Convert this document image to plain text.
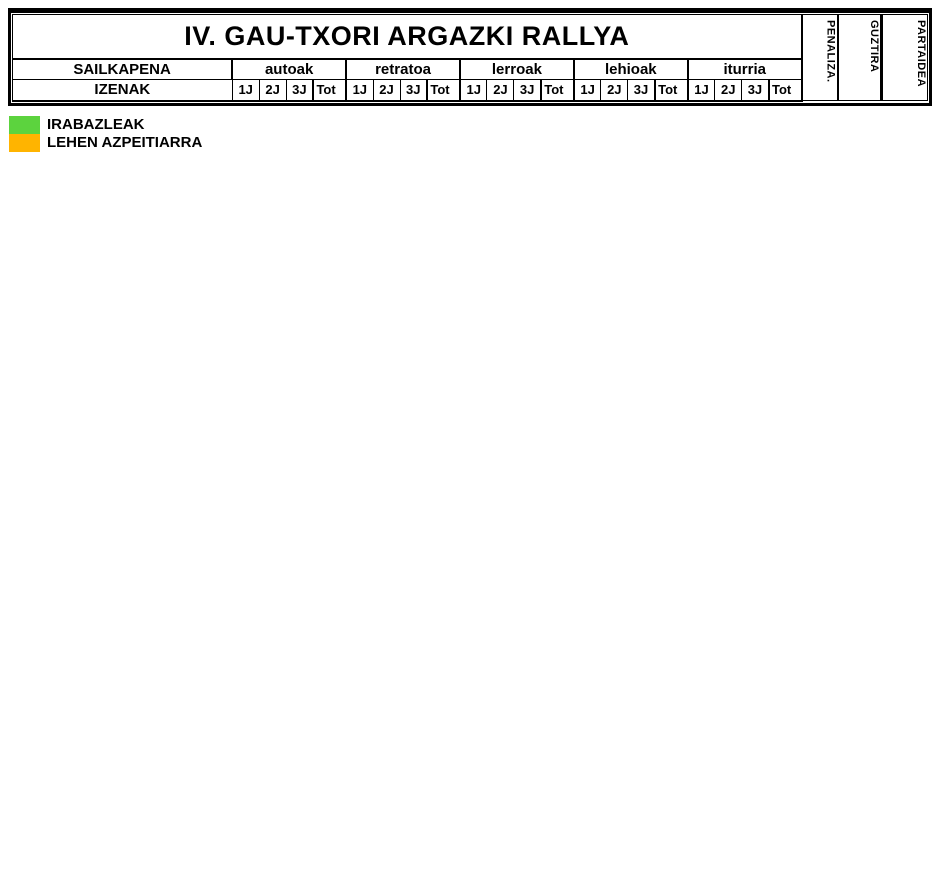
IV. GAU-TXORI ARGAZKI RALLYA																					PENALIZA.	GUZTIRA	PARTAIDEA
SAILKAPENA	autoak				retratoa				lerroak				lehioak				iturria						
IZENAK	1J	2J	3J	Tot	1J	2J	3J	Tot	1J	2J	3J	Tot	1J	2J	3J	Tot	1J	2J	3J	Tot			
IRABAZLEAK
LEHEN AZPEITIARRA
